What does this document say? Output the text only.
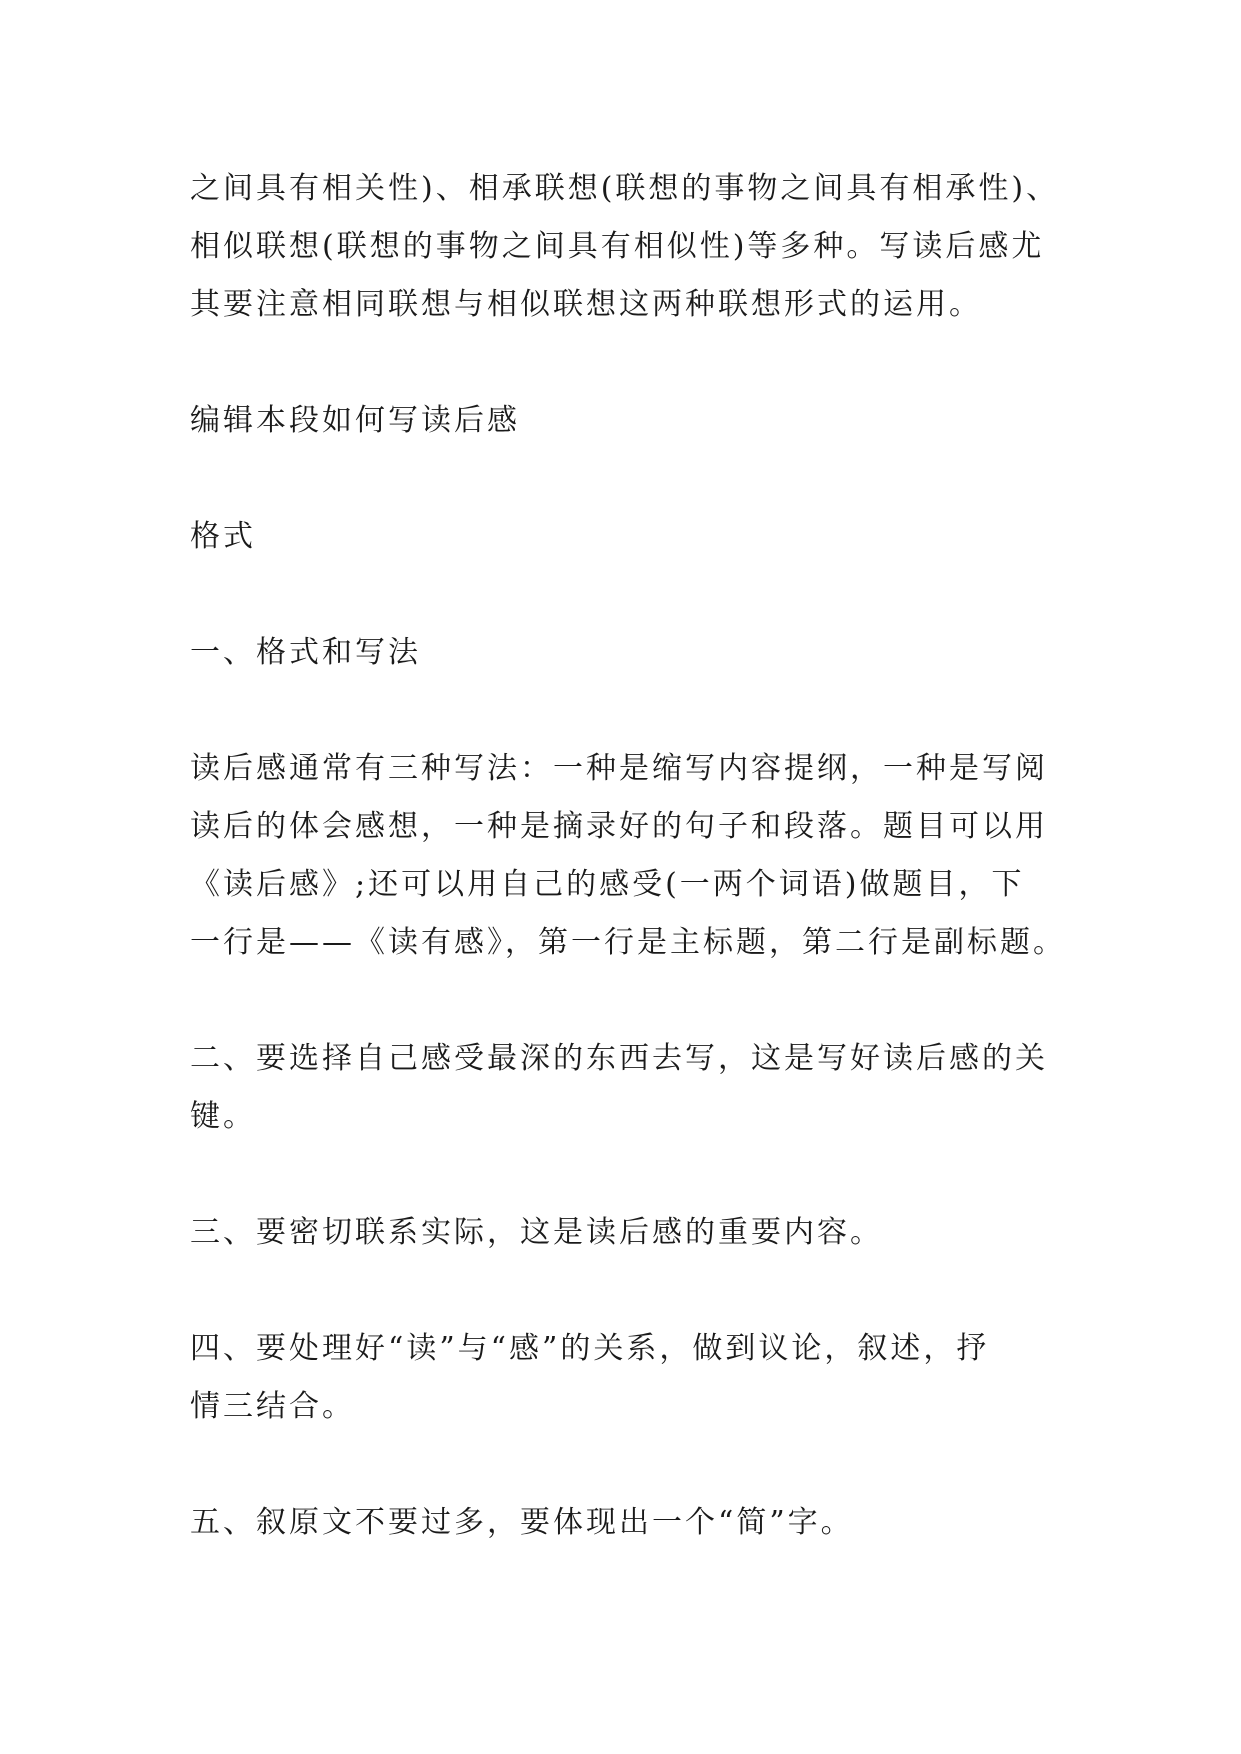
之间具有相关性)、相承联想(联想的事物之间具有相承性)、
相似联想(联想的事物之间具有相似性)等多种。写读后感尤
其要注意相同联想与相似联想这两种联想形式的运用。
编辑本段如何写读后感
格式
一、格式和写法
读后感通常有三种写法：一种是缩写内容提纲，一种是写阅
读后的体会感想，一种是摘录好的句子和段落。题目可以用
《读后感》;还可以用自己的感受(一两个词语)做题目，下
一行是——《读有感》，第一行是主标题，第二行是副标题。
二、要选择自己感受最深的东西去写，这是写好读后感的关
键。
三、要密切联系实际，这是读后感的重要内容。
四、要处理好“读”与“感”的关系，做到议论，叙述，抒
情三结合。
五、叙原文不要过多，要体现出一个“简”字。
